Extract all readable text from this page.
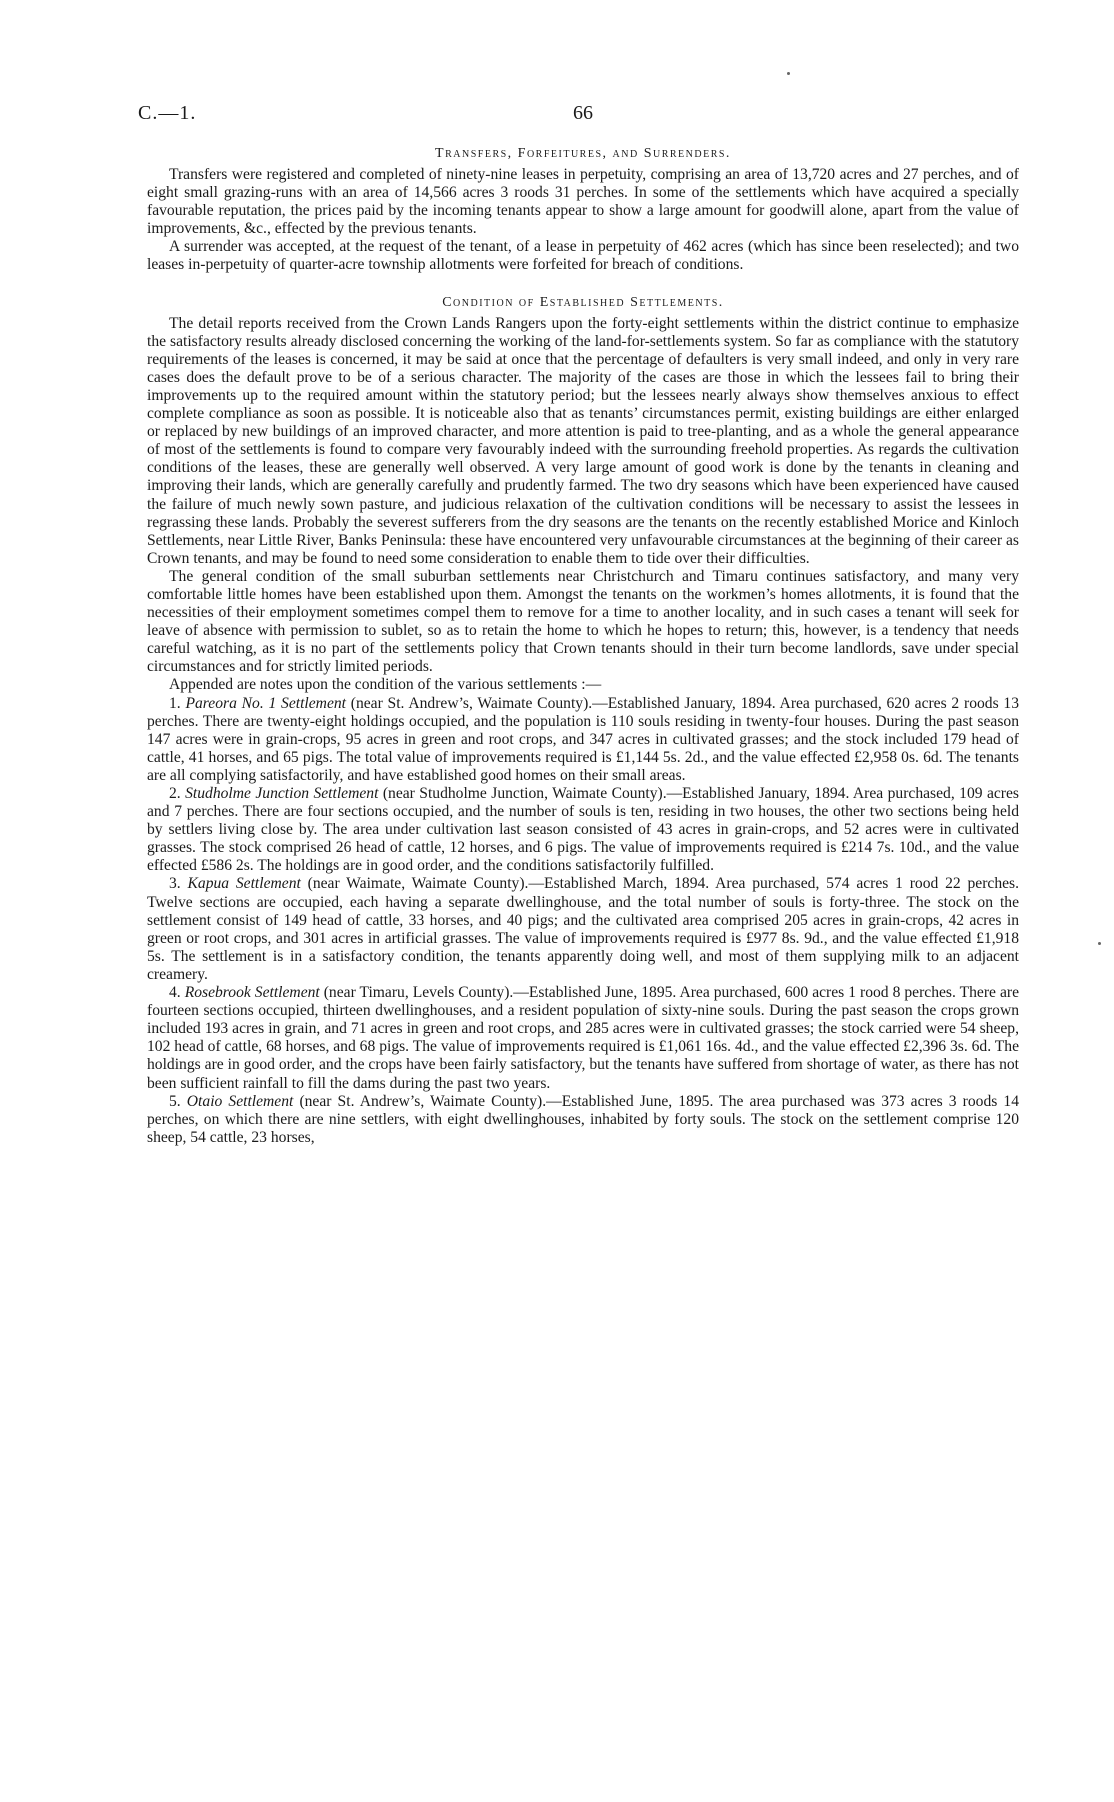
C.—1.	66
Transfers, Forfeitures, and Surrenders.

Transfers were registered and completed of ninety-nine leases in perpetuity, comprising an area of 13,720 acres and 27 perches, and of eight small grazing-runs with an area of 14,566 acres 3 roods 31 perches. In some of the settlements which have acquired a specially favourable reputation, the prices paid by the incoming tenants appear to show a large amount for goodwill alone, apart from the value of improvements, &c., effected by the previous tenants.

A surrender was accepted, at the request of the tenant, of a lease in perpetuity of 462 acres (which has since been reselected); and two leases in-perpetuity of quarter-acre township allotments were forfeited for breach of conditions.

Condition of Established Settlements.

The detail reports received from the Crown Lands Rangers upon the forty-eight settlements within the district continue to emphasize the satisfactory results already disclosed concerning the working of the land-for-settlements system. So far as compliance with the statutory requirements of the leases is concerned, it may be said at once that the percentage of defaulters is very small indeed, and only in very rare cases does the default prove to be of a serious character. The majority of the cases are those in which the lessees fail to bring their improvements up to the required amount within the statutory period; but the lessees nearly always show themselves anxious to effect complete compliance as soon as possible. It is noticeable also that as tenants’ circumstances permit, existing buildings are either enlarged or replaced by new buildings of an improved character, and more attention is paid to tree-planting, and as a whole the general appearance of most of the settlements is found to compare very favourably indeed with the surrounding freehold properties. As regards the cultivation conditions of the leases, these are generally well observed. A very large amount of good work is done by the tenants in cleaning and improving their lands, which are generally carefully and prudently farmed. The two dry seasons which have been experienced have caused the failure of much newly sown pasture, and judicious relaxation of the cultivation conditions will be necessary to assist the lessees in regrassing these lands. Probably the severest sufferers from the dry seasons are the tenants on the recently established Morice and Kinloch Settlements, near Little River, Banks Peninsula: these have encountered very unfavourable circumstances at the beginning of their career as Crown tenants, and may be found to need some consideration to enable them to tide over their difficulties.

The general condition of the small suburban settlements near Christchurch and Timaru continues satisfactory, and many very comfortable little homes have been established upon them. Amongst the tenants on the workmen’s homes allotments, it is found that the necessities of their employment sometimes compel them to remove for a time to another locality, and in such cases a tenant will seek for leave of absence with permission to sublet, so as to retain the home to which he hopes to return; this, however, is a tendency that needs careful watching, as it is no part of the settlements policy that Crown tenants should in their turn become landlords, save under special circumstances and for strictly limited periods.

Appended are notes upon the condition of the various settlements :—

1. Pareora No. 1 Settlement (near St. Andrew’s, Waimate County).—Established January, 1894. Area purchased, 620 acres 2 roods 13 perches. There are twenty-eight holdings occupied, and the population is 110 souls residing in twenty-four houses. During the past season 147 acres were in grain-crops, 95 acres in green and root crops, and 347 acres in cultivated grasses; and the stock included 179 head of cattle, 41 horses, and 65 pigs. The total value of improvements required is £1,144 5s. 2d., and the value effected £2,958 0s. 6d. The tenants are all complying satisfactorily, and have established good homes on their small areas.

2. Studholme Junction Settlement (near Studholme Junction, Waimate County).—Established January, 1894. Area purchased, 109 acres and 7 perches. There are four sections occupied, and the number of souls is ten, residing in two houses, the other two sections being held by settlers living close by. The area under cultivation last season consisted of 43 acres in grain-crops, and 52 acres were in cultivated grasses. The stock comprised 26 head of cattle, 12 horses, and 6 pigs. The value of improvements required is £214 7s. 10d., and the value effected £586 2s. The holdings are in good order, and the conditions satisfactorily fulfilled.

3. Kapua Settlement (near Waimate, Waimate County).—Established March, 1894. Area purchased, 574 acres 1 rood 22 perches. Twelve sections are occupied, each having a separate dwellinghouse, and the total number of souls is forty-three. The stock on the settlement consist of 149 head of cattle, 33 horses, and 40 pigs; and the cultivated area comprised 205 acres in grain-crops, 42 acres in green or root crops, and 301 acres in artificial grasses. The value of improvements required is £977 8s. 9d., and the value effected £1,918 5s. The settlement is in a satisfactory condition, the tenants apparently doing well, and most of them supplying milk to an adjacent creamery.

4. Rosebrook Settlement (near Timaru, Levels County).—Established June, 1895. Area purchased, 600 acres 1 rood 8 perches. There are fourteen sections occupied, thirteen dwellinghouses, and a resident population of sixty-nine souls. During the past season the crops grown included 193 acres in grain, and 71 acres in green and root crops, and 285 acres were in cultivated grasses; the stock carried were 54 sheep, 102 head of cattle, 68 horses, and 68 pigs. The value of improvements required is £1,061 16s. 4d., and the value effected £2,396 3s. 6d. The holdings are in good order, and the crops have been fairly satisfactory, but the tenants have suffered from shortage of water, as there has not been sufficient rainfall to fill the dams during the past two years.

5. Otaio Settlement (near St. Andrew’s, Waimate County).—Established June, 1895. The area purchased was 373 acres 3 roods 14 perches, on which there are nine settlers, with eight dwellinghouses, inhabited by forty souls. The stock on the settlement comprise 120 sheep, 54 cattle, 23 horses,
